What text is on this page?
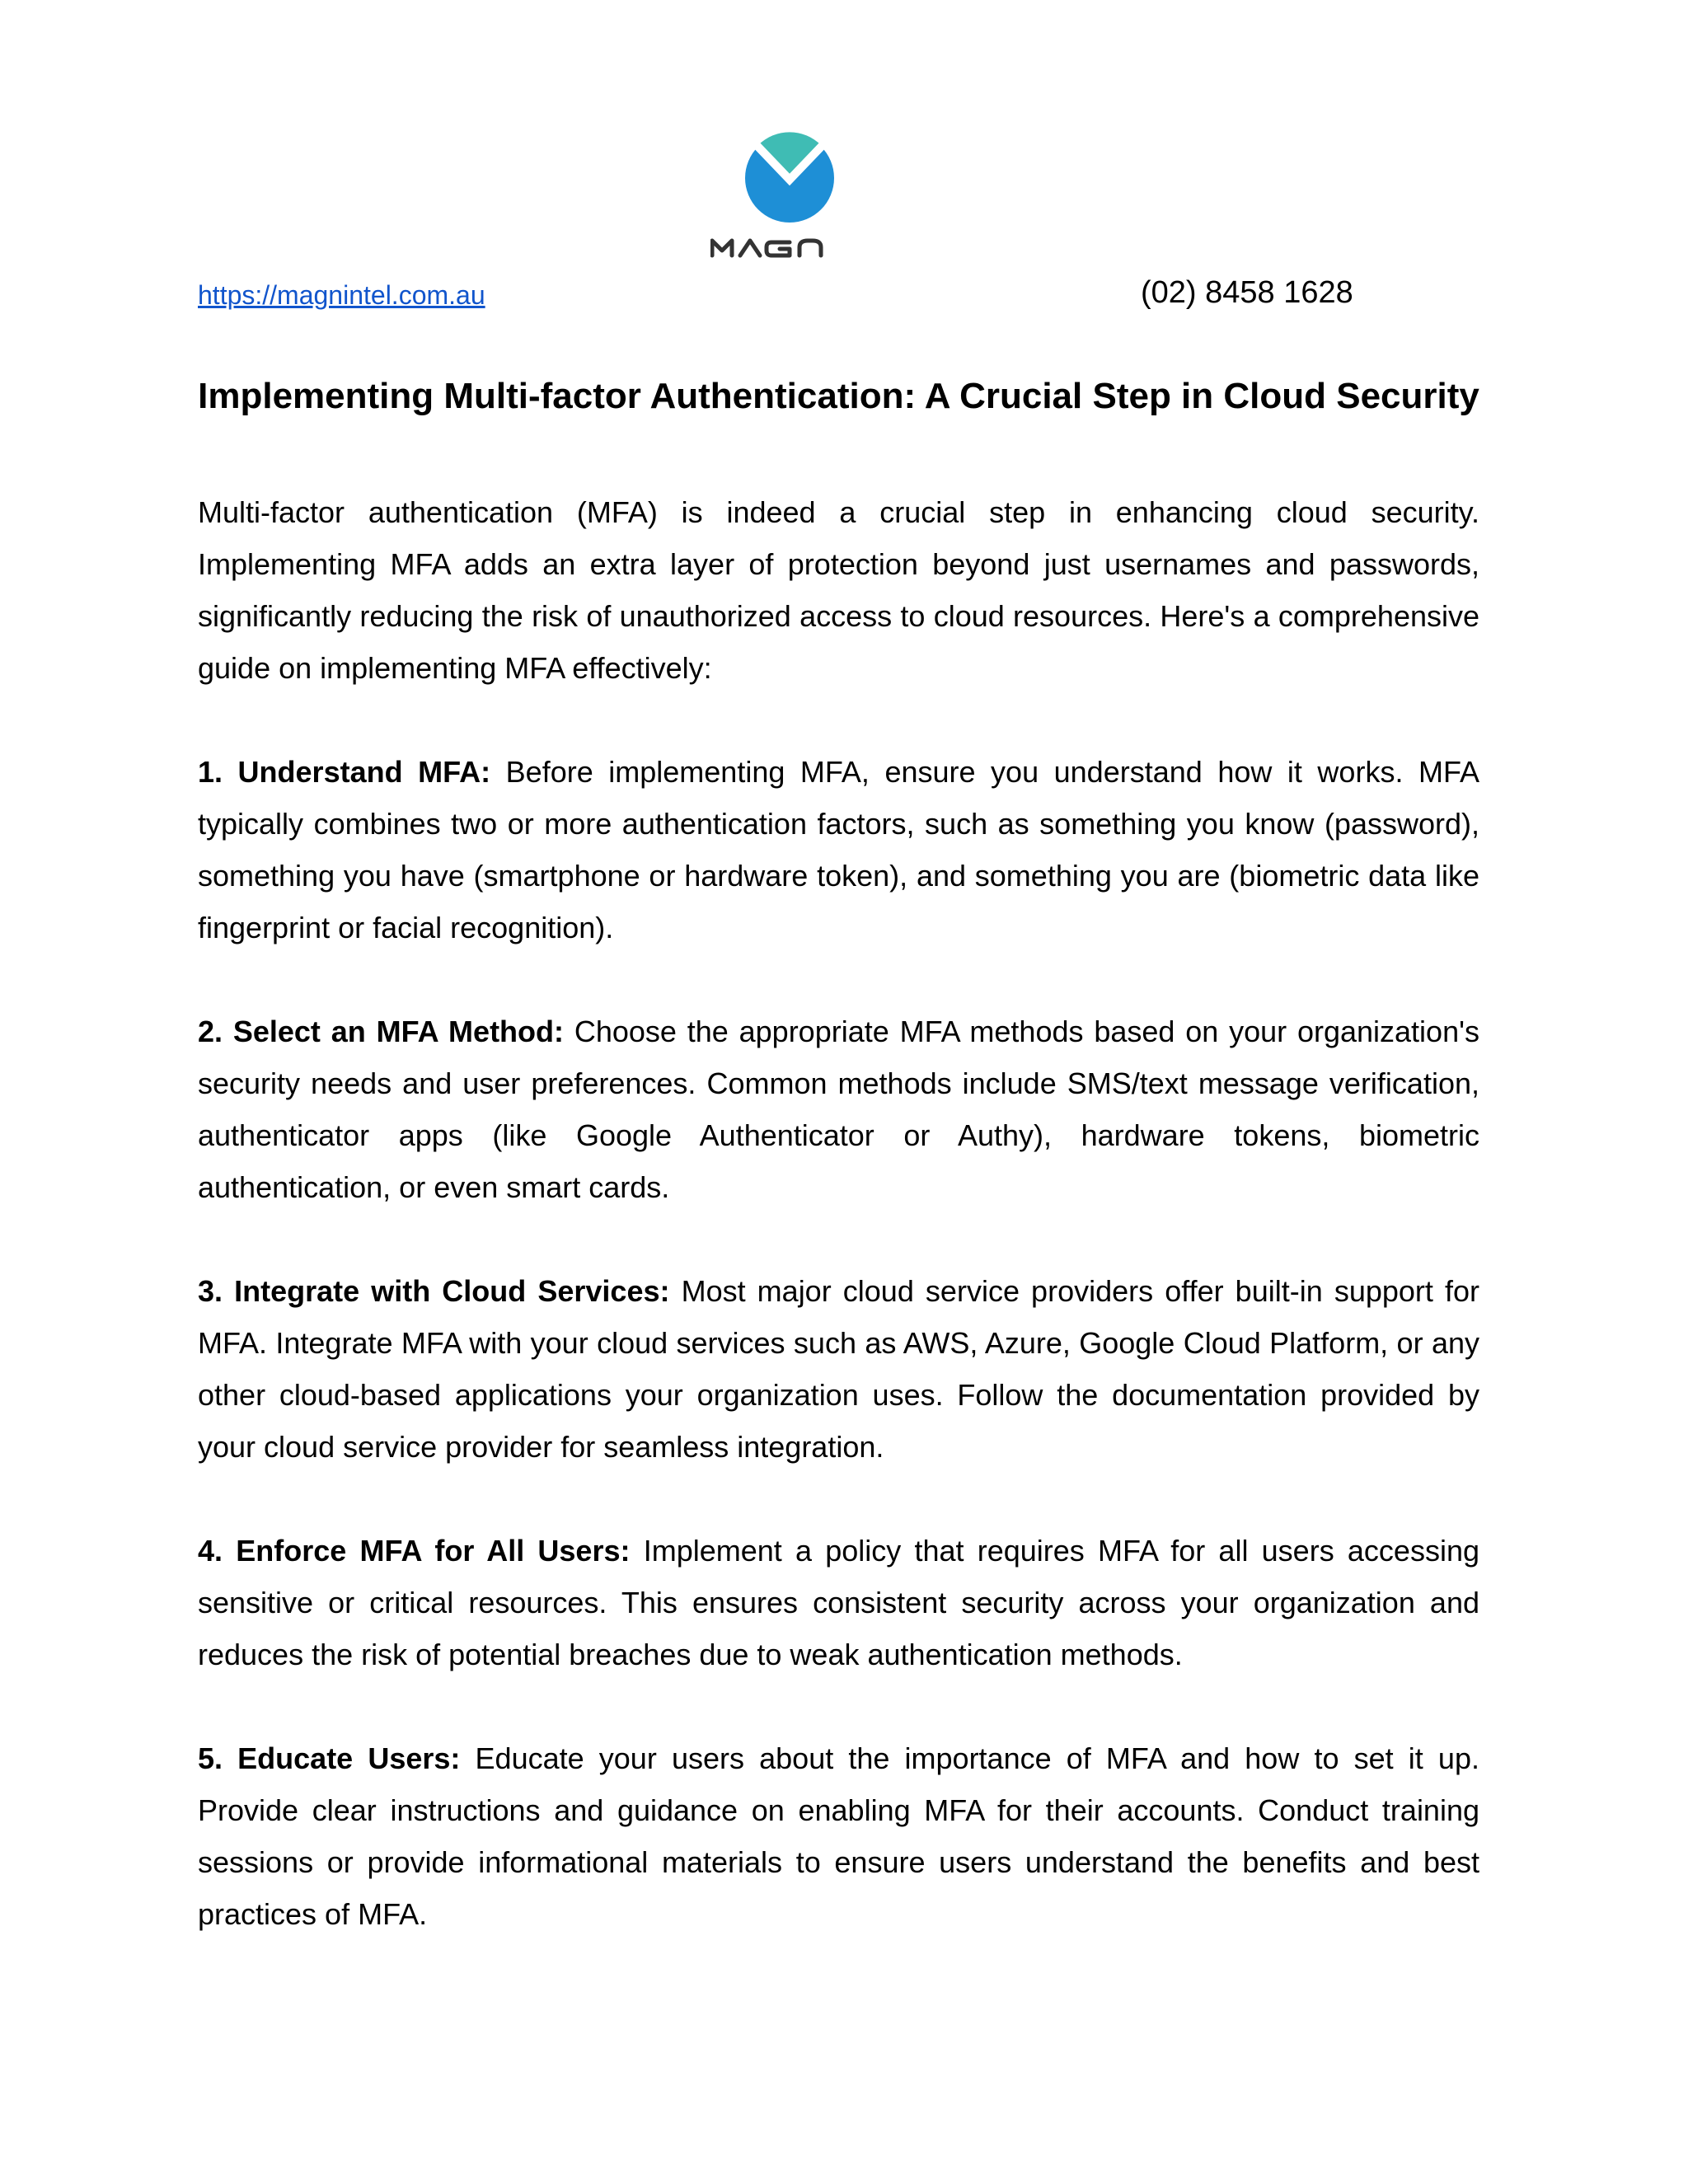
https://magnintel.com.au	(02) 8458 1628
Implementing Multi-factor Authentication: A Crucial Step in Cloud Security

Multi-factor authentication (MFA) is indeed a crucial step in enhancing cloud security. Implementing MFA adds an extra layer of protection beyond just usernames and passwords, significantly reducing the risk of unauthorized access to cloud resources. Here's a comprehensive guide on implementing MFA effectively:

1. Understand MFA: Before implementing MFA, ensure you understand how it works. MFA typically combines two or more authentication factors, such as something you know (password), something you have (smartphone or hardware token), and something you are (biometric data like fingerprint or facial recognition).

2. Select an MFA Method: Choose the appropriate MFA methods based on your organization's security needs and user preferences. Common methods include SMS/text message verification, authenticator apps (like Google Authenticator or Authy), hardware tokens, biometric authentication, or even smart cards.

3. Integrate with Cloud Services: Most major cloud service providers offer built-in support for MFA. Integrate MFA with your cloud services such as AWS, Azure, Google Cloud Platform, or any other cloud-based applications your organization uses. Follow the documentation provided by your cloud service provider for seamless integration.

4. Enforce MFA for All Users: Implement a policy that requires MFA for all users accessing sensitive or critical resources. This ensures consistent security across your organization and reduces the risk of potential breaches due to weak authentication methods.

5. Educate Users: Educate your users about the importance of MFA and how to set it up. Provide clear instructions and guidance on enabling MFA for their accounts. Conduct training sessions or provide informational materials to ensure users understand the benefits and best practices of MFA.
